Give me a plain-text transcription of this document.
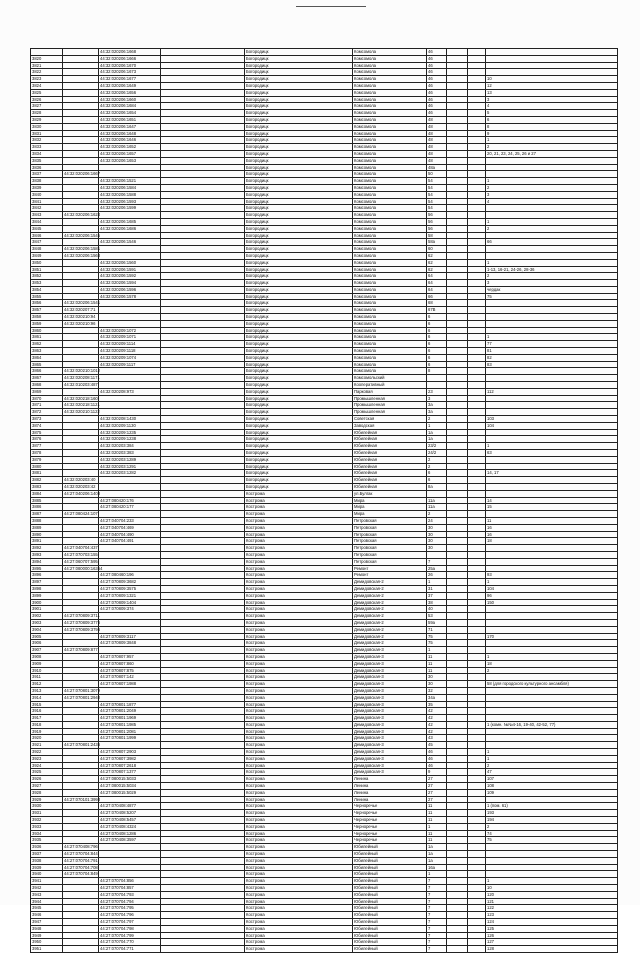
		44:32:020206:1668		Богородицк	Комсомола	46			
3820		44:32:020206:1666		Богородицк	Комсомола	46			
3821		44:32:020206:1670		Богородицк	Комсомола	46			
3822		44:32:020206:1673		Богородицк	Комсомола	46			
3823		44:32:020206:1677		Богородицк	Комсомола	46			10
3824		44:32:020206:1649		Богородицк	Комсомола	46			12
3825		44:32:020206:1656		Богородицк	Комсомола	46			13
3826		44:32:020206:1660		Богородицк	Комсомола	46			3
3827		44:32:020206:1684		Богородицк	Комсомола	46			4
3828		44:32:020206:1654		Богородицк	Комсомола	46			5
3829		44:32:020206:1651		Богородицк	Комсомола	48			6
3830		44:32:020206:1647		Богородицк	Комсомола	48			8
3831		44:32:020206:1648		Богородицк	Комсомола	48			9
3832		44:32:020206:1646		Богородицк	Комсомола	48			1
3833		44:32:020206:1652		Богородицк	Комсомола	48			2
3834		44:32:020206:1657		Богородицк	Комсомола	48			20, 21, 23, 24, 25, 26 и 27
3835		44:32:020206:1653		Богородицк	Комсомола	48			
3836				Богородицк	Комсомола	48a			
3837	44:32:020206:1667			Богородицк	Комсомола	50			
3838		44:32:020206:1521		Богородицк	Комсомола	54			1
3839		44:32:020206:1584		Богородицк	Комсомола	54			2
3840		44:32:020206:1588		Богородицк	Комсомола	54			3
3841		44:32:020206:1593		Богородицк	Комсомола	54			4
3842		44:32:020206:1599		Богородицк	Комсомола	54			
3843	44:32:020206:1624			Богородицк	Комсомола	56			
3844		44:32:020206:1685		Богородицк	Комсомола	56			1
3845		44:32:020206:1686		Богородицк	Комсомола	56			2
3846	44:32:020206:1545			Богородицк	Комсомола	58			
3847		44:32:020206:1546		Богородицк	Комсомола	58a			66
3848	44:32:020206:1581			Богородицк	Комсомола	60			
3849	44:32:020206:1563			Богородицк	Комсомола	62			
3850		44:32:020206:1560		Богородицк	Комсомола	62			1
3851		44:32:020206:1591		Богородицк	Комсомола	62			1-13, 16-21, 24-26, 28-36
3852		44:32:020206:1592		Богородицк	Комсомола	64			2
3853		44:32:020206:1594		Богородицк	Комсомола	64			3
3854		44:32:020206:1596		Богородицк	Комсомола	64			чердак
3855		44:32:020206:1578		Богородицк	Комсомола	66			75
3856	44:32:020206:1541			Богородицк	Комсомола	68			
3857	44:32:020207:71			Богородицк	Комсомола	67B			
3858	44:32:020210:94			Богородицк	Комсомола	6			
3859	44:32:020210:96			Богородицк	Комсомола	6			
3860		44:32:020209:1072		Богородицк	Комсомола	6			
3861		44:32:020209:1071		Богородицк	Комсомола	6			1
3862		44:32:020209:1114		Богородицк	Комсомола	6			77
3863		44:32:020209:1118		Богородицк	Комсомола	6			81
3864		44:32:020209:1074		Богородицк	Комсомола	6			82
3865		44:32:020209:1117		Богородицк	Комсомола	6			83
3866	44:32:020210:1012			Богородицк	Комсомола	8			
3867	44:32:020208:1171			Богородицк	Комсомольский				
3868	44:32:010203:487			Богородицк	Кооперативный				
3869		44:32:020208:973		Богородицк	Парковая	23			112
3870	44:32:020218:160			Богородицк	Промышленная	3			
3871	44:32:020218:1121			Богородицк	Промышленная	3a			
3872	44:32:020210:1122			Богородицк	Промышленная	3a			
3873		44:32:020208:1430		Богородицк	Советская	2			103
3874		44:32:020209:1130		Богородицк	Заводская	1			104
3875		44:32:020209:1235		Богородицк	Юбилейная	1a			
3876		44:32:020209:1238		Богородицк	Юбилейная	1a			
3877		44:32:020203:384		Богородицк	Юбилейная	23/2			1
3878		44:32:020203:383		Богородицк	Юбилейная	24/2			63
3879		44:32:020203:1289		Богородицк	Юбилейная	2			
3880		44:32:020203:1291		Богородицк	Юбилейная	2			
3881		44:32:020203:1282		Богородицк	Юбилейная	6			14, 17
3882	44:32:020203:40			Богородицк	Юбилейная	6			
3883	44:32:020203:42			Богородицк	Юбилейная	8a			
3884	44:27:040206:1408			Кострома	ул.Булгак				
3885		44:27:080420:176		Кострома	Мира	11a			14
3886		44:27:080420:177		Кострома	Мира	11a			15
3887	44:27:080424:107			Кострома	Мира	2			
3888		44:27:040704:233		Кострома	Петровская	24			11
3889		44:27:040704:469		Кострома	Петровская	30			16
3890		44:27:040704:490		Кострома	Петровская	30			16
3891		44:27:040704:491		Кострома	Петровская	30			18
3892	44:27:040704:437			Кострома	Петровская	30			
3893	44:27:070703:155			Кострома	Петровская				
3894	44:27:060707:595			Кострома	Петровская	7			
3895	44:27:080000:16364			Кострома	Ремонт	25a			
3896		44:27:080460:196		Кострома	Ремонт	26			93
3897		44:27:070809:3682		Кострома	Демидовская-2	1			1
3898		44:27:070809:3575		Кострома	Демидовская-2	31			104
3899		44:27:070809:1321		Кострома	Демидовская-2	37			96
3900		44:27:070809:1404		Кострома	Демидовская-2	38			150
3901		44:27:070809:374		Кострома	Демидовская-2	40			
3902	44:27:070809:3711			Кострома	Демидовская-2	53			
3903	44:27:070809:3776			Кострома	Демидовская-2	59a			
3904	44:27:070809:3796			Кострома	Демидовская-2	71			
3905		44:27:070809:3117		Кострома	Демидовская-2	75			170
3906		44:27:070809:3848		Кострома	Демидовская-2	75			
3907	44:27:070809:877			Кострома	Демидовская-3	1			
3908		44:27:070807:957		Кострома	Демидовская-3	11			1
3909		44:27:070807:860		Кострома	Демидовская-3	11			18
3910		44:27:070807:875		Кострома	Демидовская-3	11			2
3911		44:27:070807:142		Кострома	Демидовская-3	30			
3912		44:27:070807:1988		Кострома	Демидовская-3	30			58 (для городского культурного ансамбля)
3913	44:27:070801:3079			Кострома	Демидовская-3	32			
3914	44:27:070801:2940			Кострома	Демидовская-3	34a			
3915		44:27:070801:1877		Кострома	Демидовская-3	35			
3916		44:27:070801:2049		Кострома	Демидовская-3	42			
3917		44:27:070801:1969		Кострома	Демидовская-3	42			
3918		44:27:070801:1985		Кострома	Демидовская-3	42			1 (комн. №№4-16, 19-40, 42-52, 77)
3919		44:27:070801:2081		Кострома	Демидовская-3	42			
3920		44:27:070801:1999		Кострома	Демидовская-3	43			
3921	44:27:070801:2436			Кострома	Демидовская-3	45			
3922		44:27:070807:2903		Кострома	Демидовская-3	46			1
3923		44:27:070807:3982		Кострома	Демидовская-3	46			1
3924		44:27:070807:2618		Кострома	Демидовская-3	46			2
3925		44:27:070807:1377		Кострома	Демидовская-3	9			47
3926		44:27:080015:5033		Кострома	Ленина	27			107
3927		44:27:080015:5034		Кострома	Ленина	27			108
3928		44:27:080015:5029		Кострома	Ленина	27			109
3929	44:27:070101:3993			Кострома	Ленина	27			
3930		44:27:070408:4877		Кострома	Черноречье	11			1 (пом. 61)
3931		44:27:070408:5207		Кострома	Черноречье	11			193
3932		44:27:070408:5457		Кострома	Черноречье	11			194
3933		44:27:070408:4324		Кострома	Черноречье	1			2
3934		44:27:070408:1286		Кострома	Черноречье	11			74
3935		44:27:070408:3597		Кострома	Черноречье	11			75
3936	44:27:070408:796			Кострома	Юбилейный	1a			
3937	44:27:070704:844			Кострома	Юбилейный	1a			
3938	44:27:070704:791			Кострома	Юбилейный	1a			
3939	44:27:070704:708			Кострома	Юбилейный	16a			
3940	44:27:070704:849			Кострома	Юбилейный	1			
3941		44:27:070704:856		Кострома	Юбилейный	7			1
3942		44:27:070704:857		Кострома	Юбилейный	7			10
3943		44:27:070704:793		Кострома	Юбилейный	7			120
3944		44:27:070704:794		Кострома	Юбилейный	7			121
3945		44:27:070704:795		Кострома	Юбилейный	7			122
3946		44:27:070704:796		Кострома	Юбилейный	7			123
3947		44:27:070704:797		Кострома	Юбилейный	7			124
3948		44:27:070704:798		Кострома	Юбилейный	7			125
3949		44:27:070704:799		Кострома	Юбилейный	7			126
3950		44:27:070704:770		Кострома	Юбилейный	7			127
3951		44:27:070704:771		Кострома	Юбилейный	7			128
